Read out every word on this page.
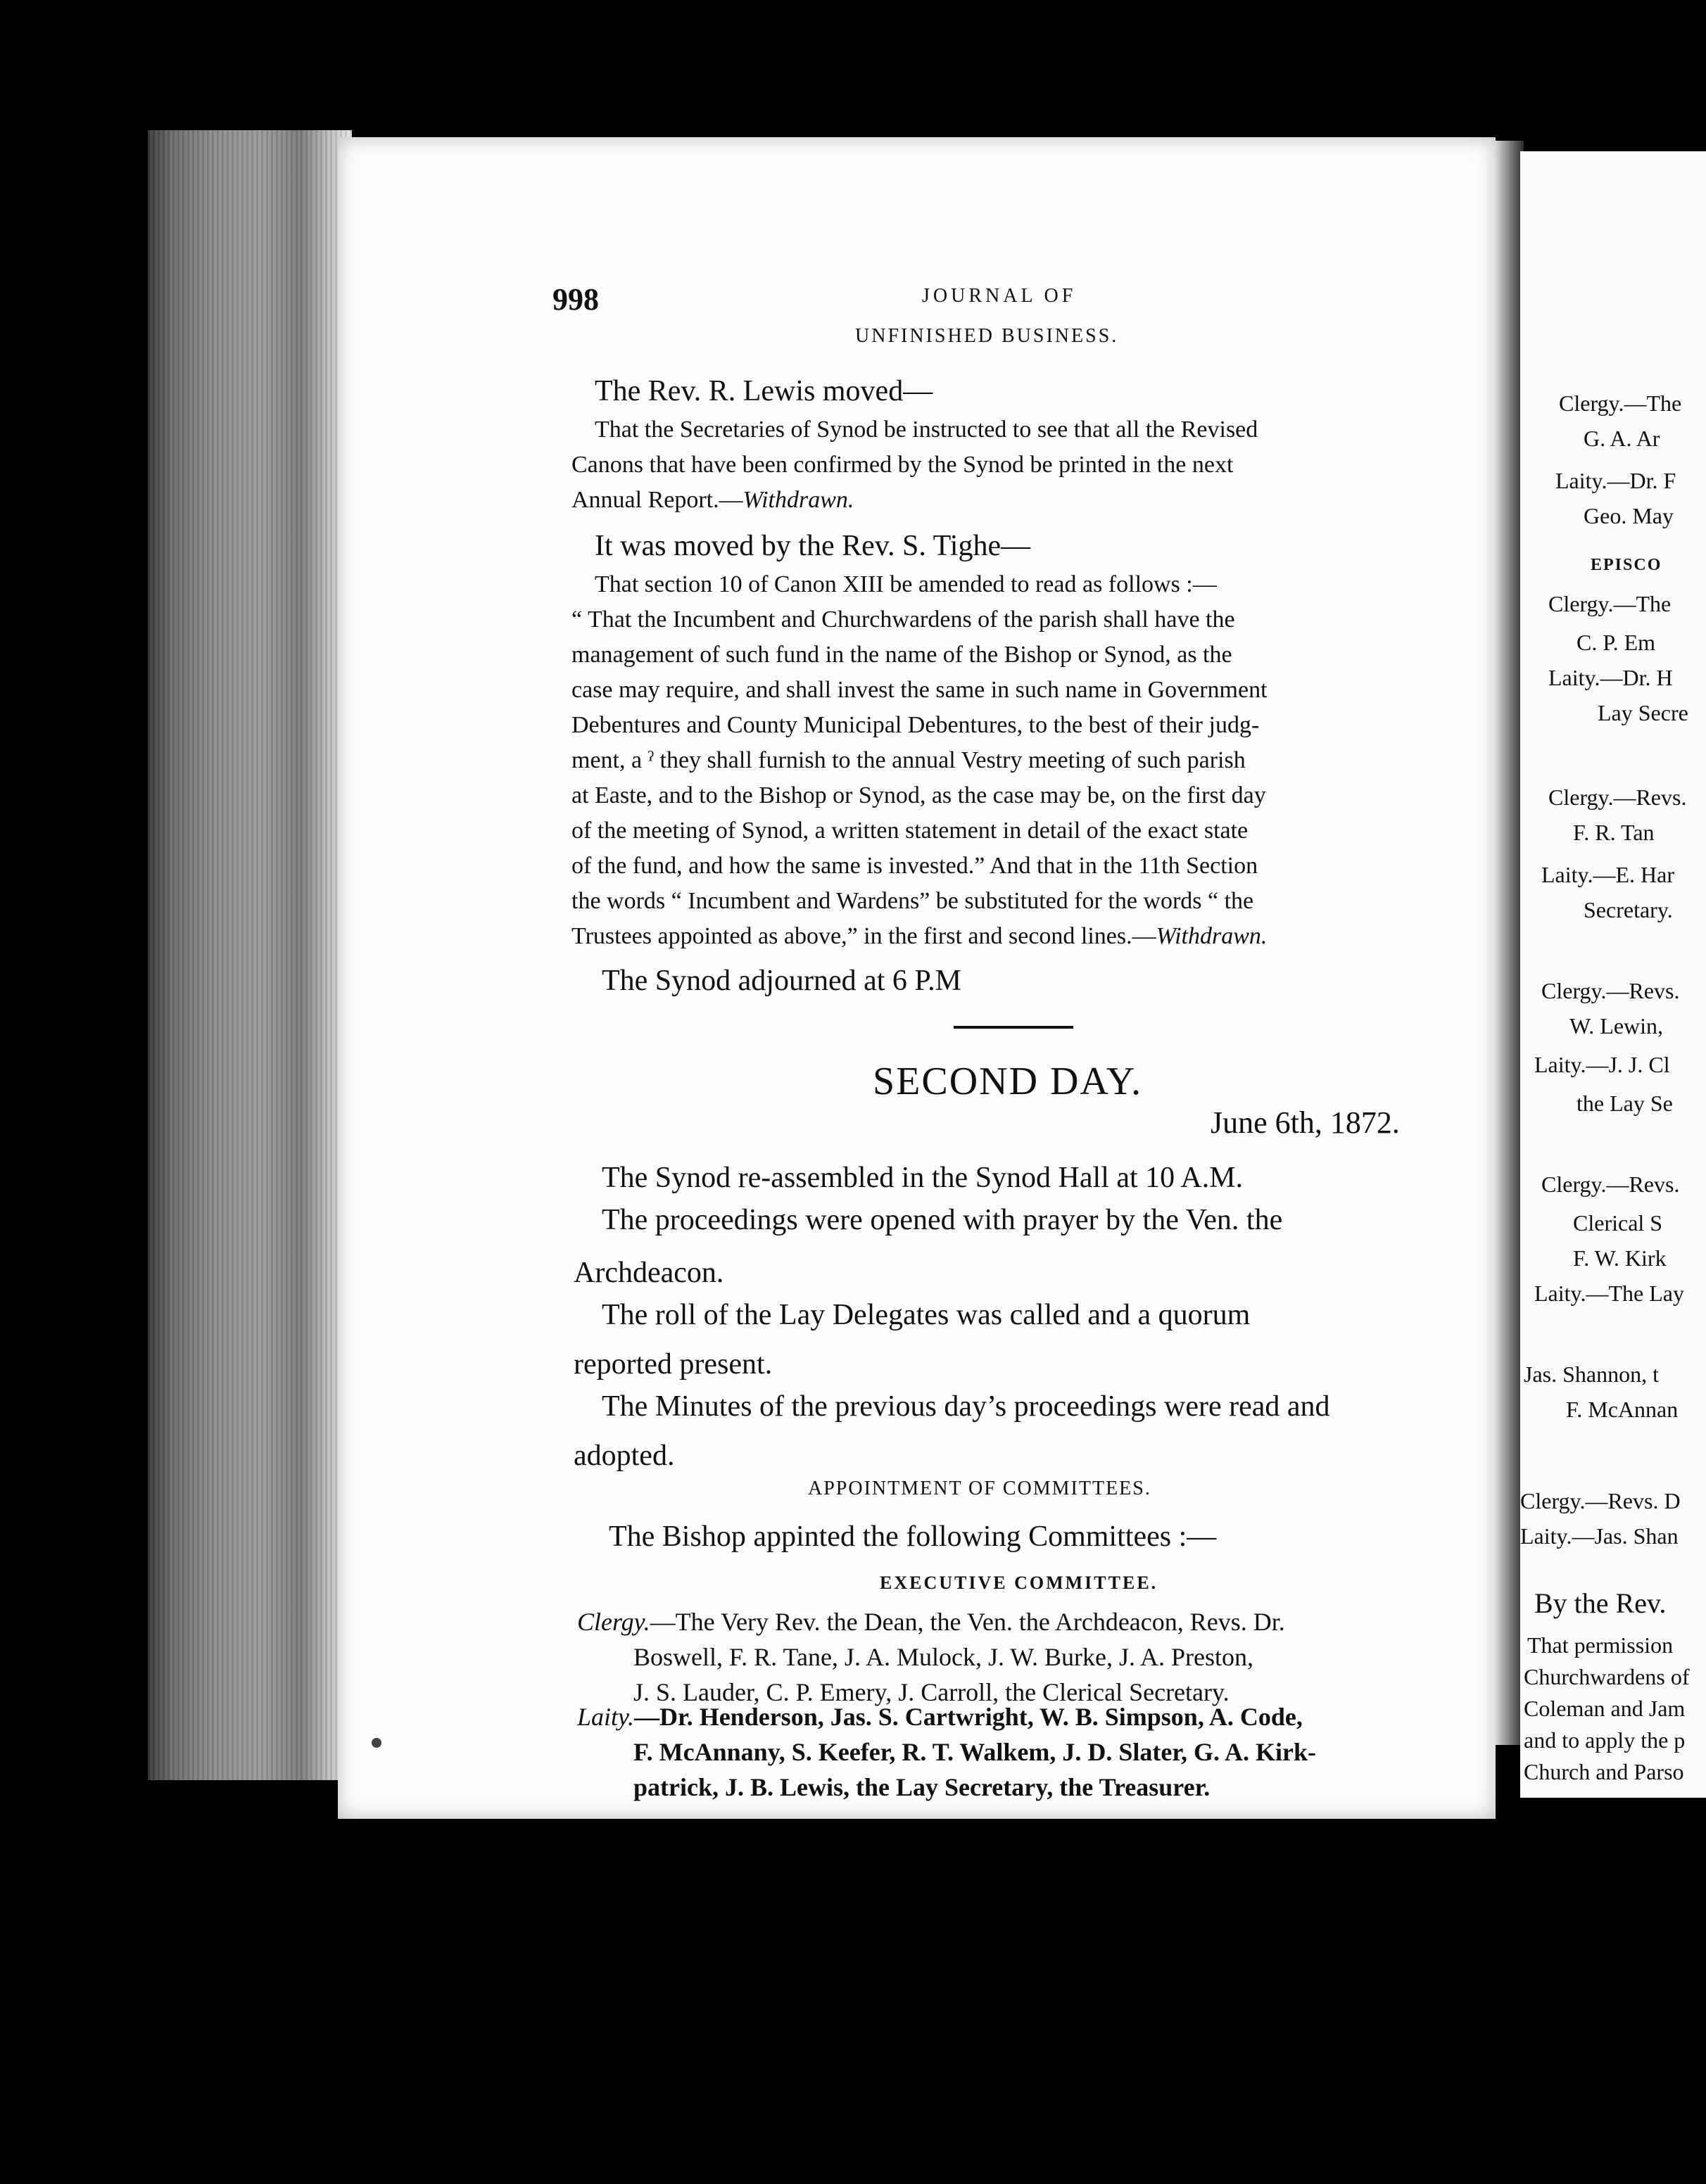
998	JOURNAL OF
UNFINISHED BUSINESS.
The Rev. R. Lewis moved—
That the Secretaries of Synod be instructed to see that all the Revised
Canons that have been confirmed by the Synod be printed in the next
Annual Report.—Withdrawn.
It was moved by the Rev. S. Tighe—
That section 10 of Canon XIII be amended to read as follows :—
“ That the Incumbent and Churchwardens of the parish shall have the
management of such fund in the name of the Bishop or Synod, as the
case may require, and shall invest the same in such name in Government
Debentures and County Municipal Debentures, to the best of their judg-
ment, a ˀ they shall furnish to the annual Vestry meeting of such parish
at Easte, and to the Bishop or Synod, as the case may be, on the first day
of the meeting of Synod, a written statement in detail of the exact state
of the fund, and how the same is invested.” And that in the 11th Section
the words “ Incumbent and Wardens” be substituted for the words “ the
Trustees appointed as above,” in the first and second lines.—Withdrawn.
The Synod adjourned at 6 P.M
SECOND DAY.
June 6th, 1872.
The Synod re-assembled in the Synod Hall at 10 A.M.
The proceedings were opened with prayer by the Ven. the
Archdeacon.
The roll of the Lay Delegates was called and a quorum
reported present.
The Minutes of the previous day’s proceedings were read and
adopted.
APPOINTMENT OF COMMITTEES.
The Bishop appinted the following Committees :—
EXECUTIVE COMMITTEE.
Clergy.—The Very Rev. the Dean, the Ven. the Archdeacon, Revs. Dr.
Boswell, F. R. Tane, J. A. Mulock, J. W. Burke, J. A. Preston,
J. S. Lauder, C. P. Emery, J. Carroll, the Clerical Secretary.
Laity.—Dr. Henderson, Jas. S. Cartwright, W. B. Simpson, A. Code,
F. McAnnany, S. Keefer, R. T. Walkem, J. D. Slater, G. A. Kirk-
patrick, J. B. Lewis, the Lay Secretary, the Treasurer.
Clergy.—The
G. A. Ar
Laity.—Dr. F
Geo. May
EPISCO
Clergy.—The
C. P. Em
Laity.—Dr. H
Lay Secre
Clergy.—Revs.
F. R. Tan
Laity.—E. Har
Secretary.
Clergy.—Revs.
W. Lewin,
Laity.—J. J. Cl
the Lay Se
Clergy.—Revs.
Clerical S
F. W. Kirk
Laity.—The Lay
Jas. Shannon, t
F. McAnnan
Clergy.—Revs. D
Laity.—Jas. Shan
By the Rev.
That permission
Churchwardens of
Coleman and Jam
and to apply the p
Church and Parso
